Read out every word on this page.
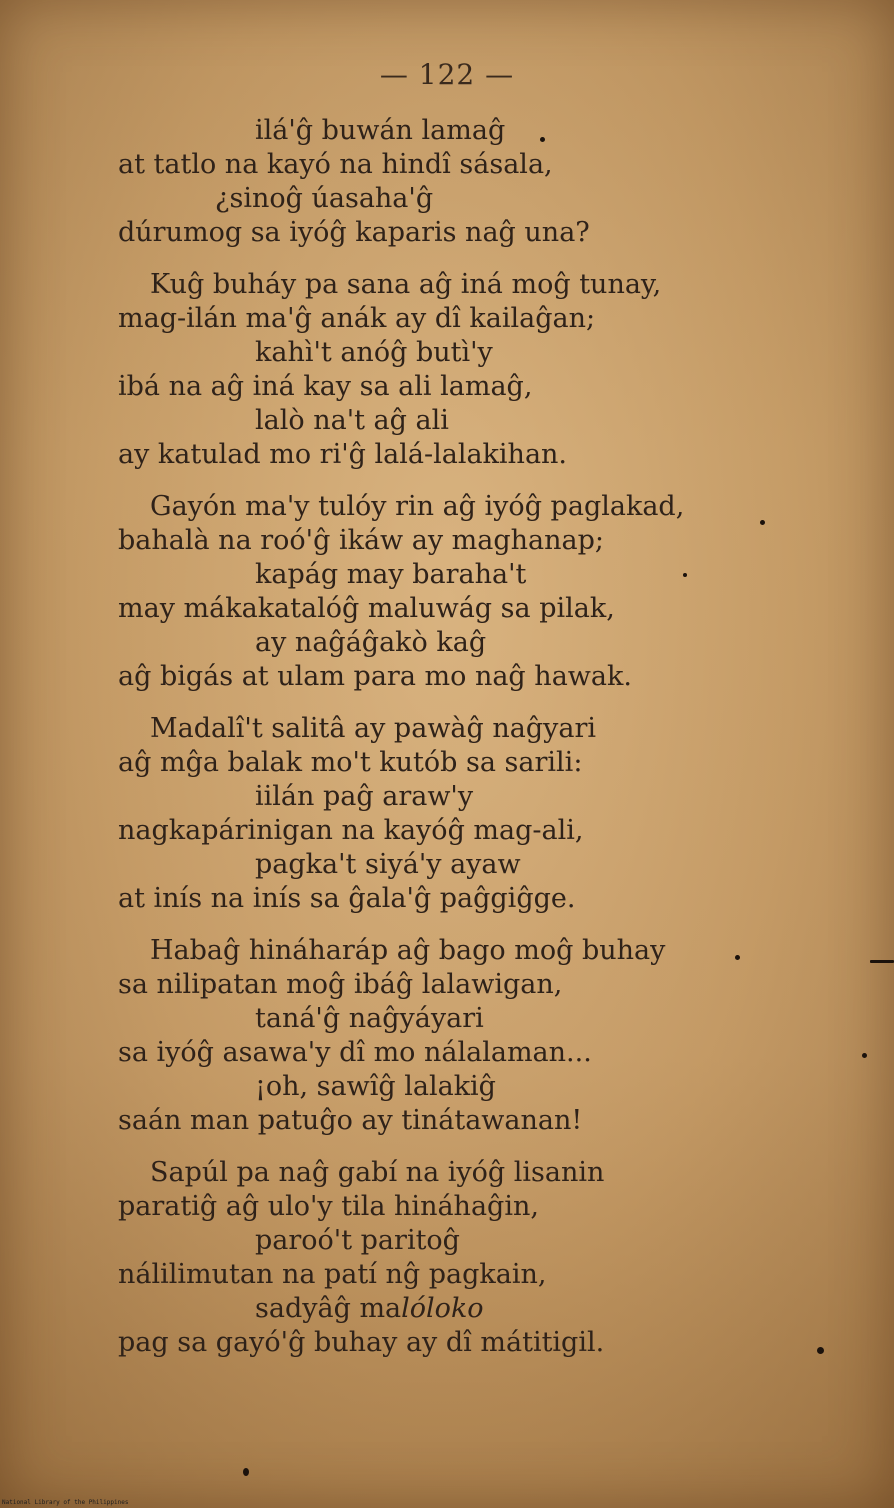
— 122 —
ilá'ĝ buwán lamaĝ
at tatlo na kayó na hindî sásala,
¿sinoĝ úasaha'ĝ
dúrumog sa iyóĝ kaparis naĝ una?
Kuĝ buháy pa sana aĝ iná moĝ tunay,
mag-ilán ma'ĝ anák ay dî kailaĝan;
kahì't anóĝ butì'y
ibá na aĝ iná kay sa ali lamaĝ,
lalò na't aĝ ali
ay katulad mo ri'ĝ lalá-lalakihan.
Gayón ma'y tulóy rin aĝ iyóĝ paglakad,
bahalà na roó'ĝ ikáw ay maghanap;
kapág may baraha't
may mákakatalóĝ maluwág sa pilak,
ay naĝáĝakò kaĝ
aĝ bigás at ulam para mo naĝ hawak.
Madalî't salitâ ay pawàĝ naĝyari
aĝ mĝa balak mo't kutób sa sarili:
iilán paĝ araw'y
nagkapárinigan na kayóĝ mag-ali,
pagka't siyá'y ayaw
at inís na inís sa ĝala'ĝ paĝgiĝge.
Habaĝ hináharáp aĝ bago moĝ buhay
sa nilipatan moĝ ibáĝ lalawigan,
taná'ĝ naĝyáyari
sa iyóĝ asawa'y dî mo nálalaman...
¡oh, sawîĝ lalakiĝ
saán man patuĝo ay tinátawanan!
Sapúl pa naĝ gabí na iyóĝ lisanin
paratiĝ aĝ ulo'y tila hináhaĝin,
paroó't paritoĝ
nálilimutan na patí nĝ pagkain,
sadyâĝ malóloko
pag sa gayó'ĝ buhay ay dî mátitigil.
National Library of the Philippines
